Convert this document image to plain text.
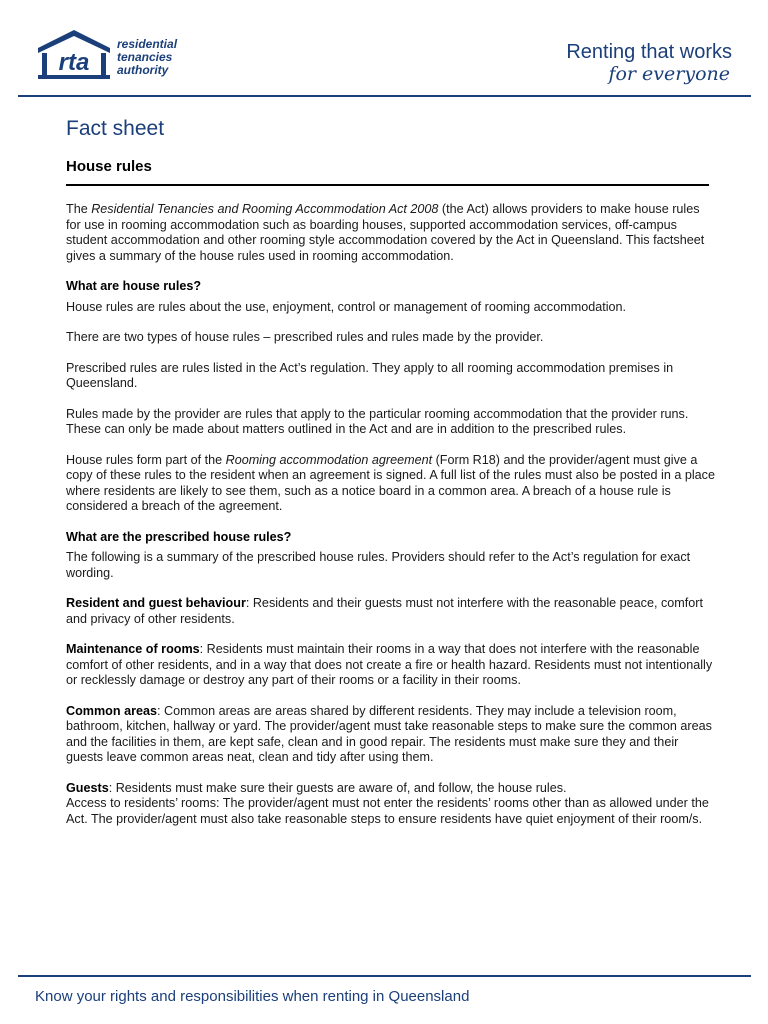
rta
residential
tenancies
authority
Renting that works
for everyone
Fact sheet
House rules

The Residential Tenancies and Rooming Accommodation Act 2008 (the Act) allows providers to make house rules for use in rooming accommodation such as boarding houses, supported accommodation services, off-campus student accommodation and other rooming style accommodation covered by the Act in Queensland. This factsheet gives a summary of the house rules used in rooming accommodation.

What are house rules?

House rules are rules about the use, enjoyment, control or management of rooming accommodation.

There are two types of house rules – prescribed rules and rules made by the provider.

Prescribed rules are rules listed in the Act’s regulation. They apply to all rooming accommodation premises in Queensland.

Rules made by the provider are rules that apply to the particular rooming accommodation that the provider runs. These can only be made about matters outlined in the Act and are in addition to the prescribed rules.

House rules form part of the Rooming accommodation agreement (Form R18) and the provider/agent must give a copy of these rules to the resident when an agreement is signed. A full list of the rules must also be posted in a place where residents are likely to see them, such as a notice board in a common area. A breach of a house rule is considered a breach of the agreement.

What are the prescribed house rules?

The following is a summary of the prescribed house rules. Providers should refer to the Act’s regulation for exact wording.

Resident and guest behaviour: Residents and their guests must not interfere with the reasonable peace, comfort and privacy of other residents.

Maintenance of rooms: Residents must maintain their rooms in a way that does not interfere with the reasonable comfort of other residents, and in a way that does not create a fire or health hazard. Residents must not intentionally or recklessly damage or destroy any part of their rooms or a facility in their rooms.

Common areas: Common areas are areas shared by different residents. They may include a television room, bathroom, kitchen, hallway or yard. The provider/agent must take reasonable steps to make sure the common areas and the facilities in them, are kept safe, clean and in good repair. The residents must make sure they and their guests leave common areas neat, clean and tidy after using them.

Guests: Residents must make sure their guests are aware of, and follow, the house rules.
Access to residents’ rooms: The provider/agent must not enter the residents’ rooms other than as allowed under the Act. The provider/agent must also take reasonable steps to ensure residents have quiet enjoyment of their room/s.

Know your rights and responsibilities when renting in Queensland
